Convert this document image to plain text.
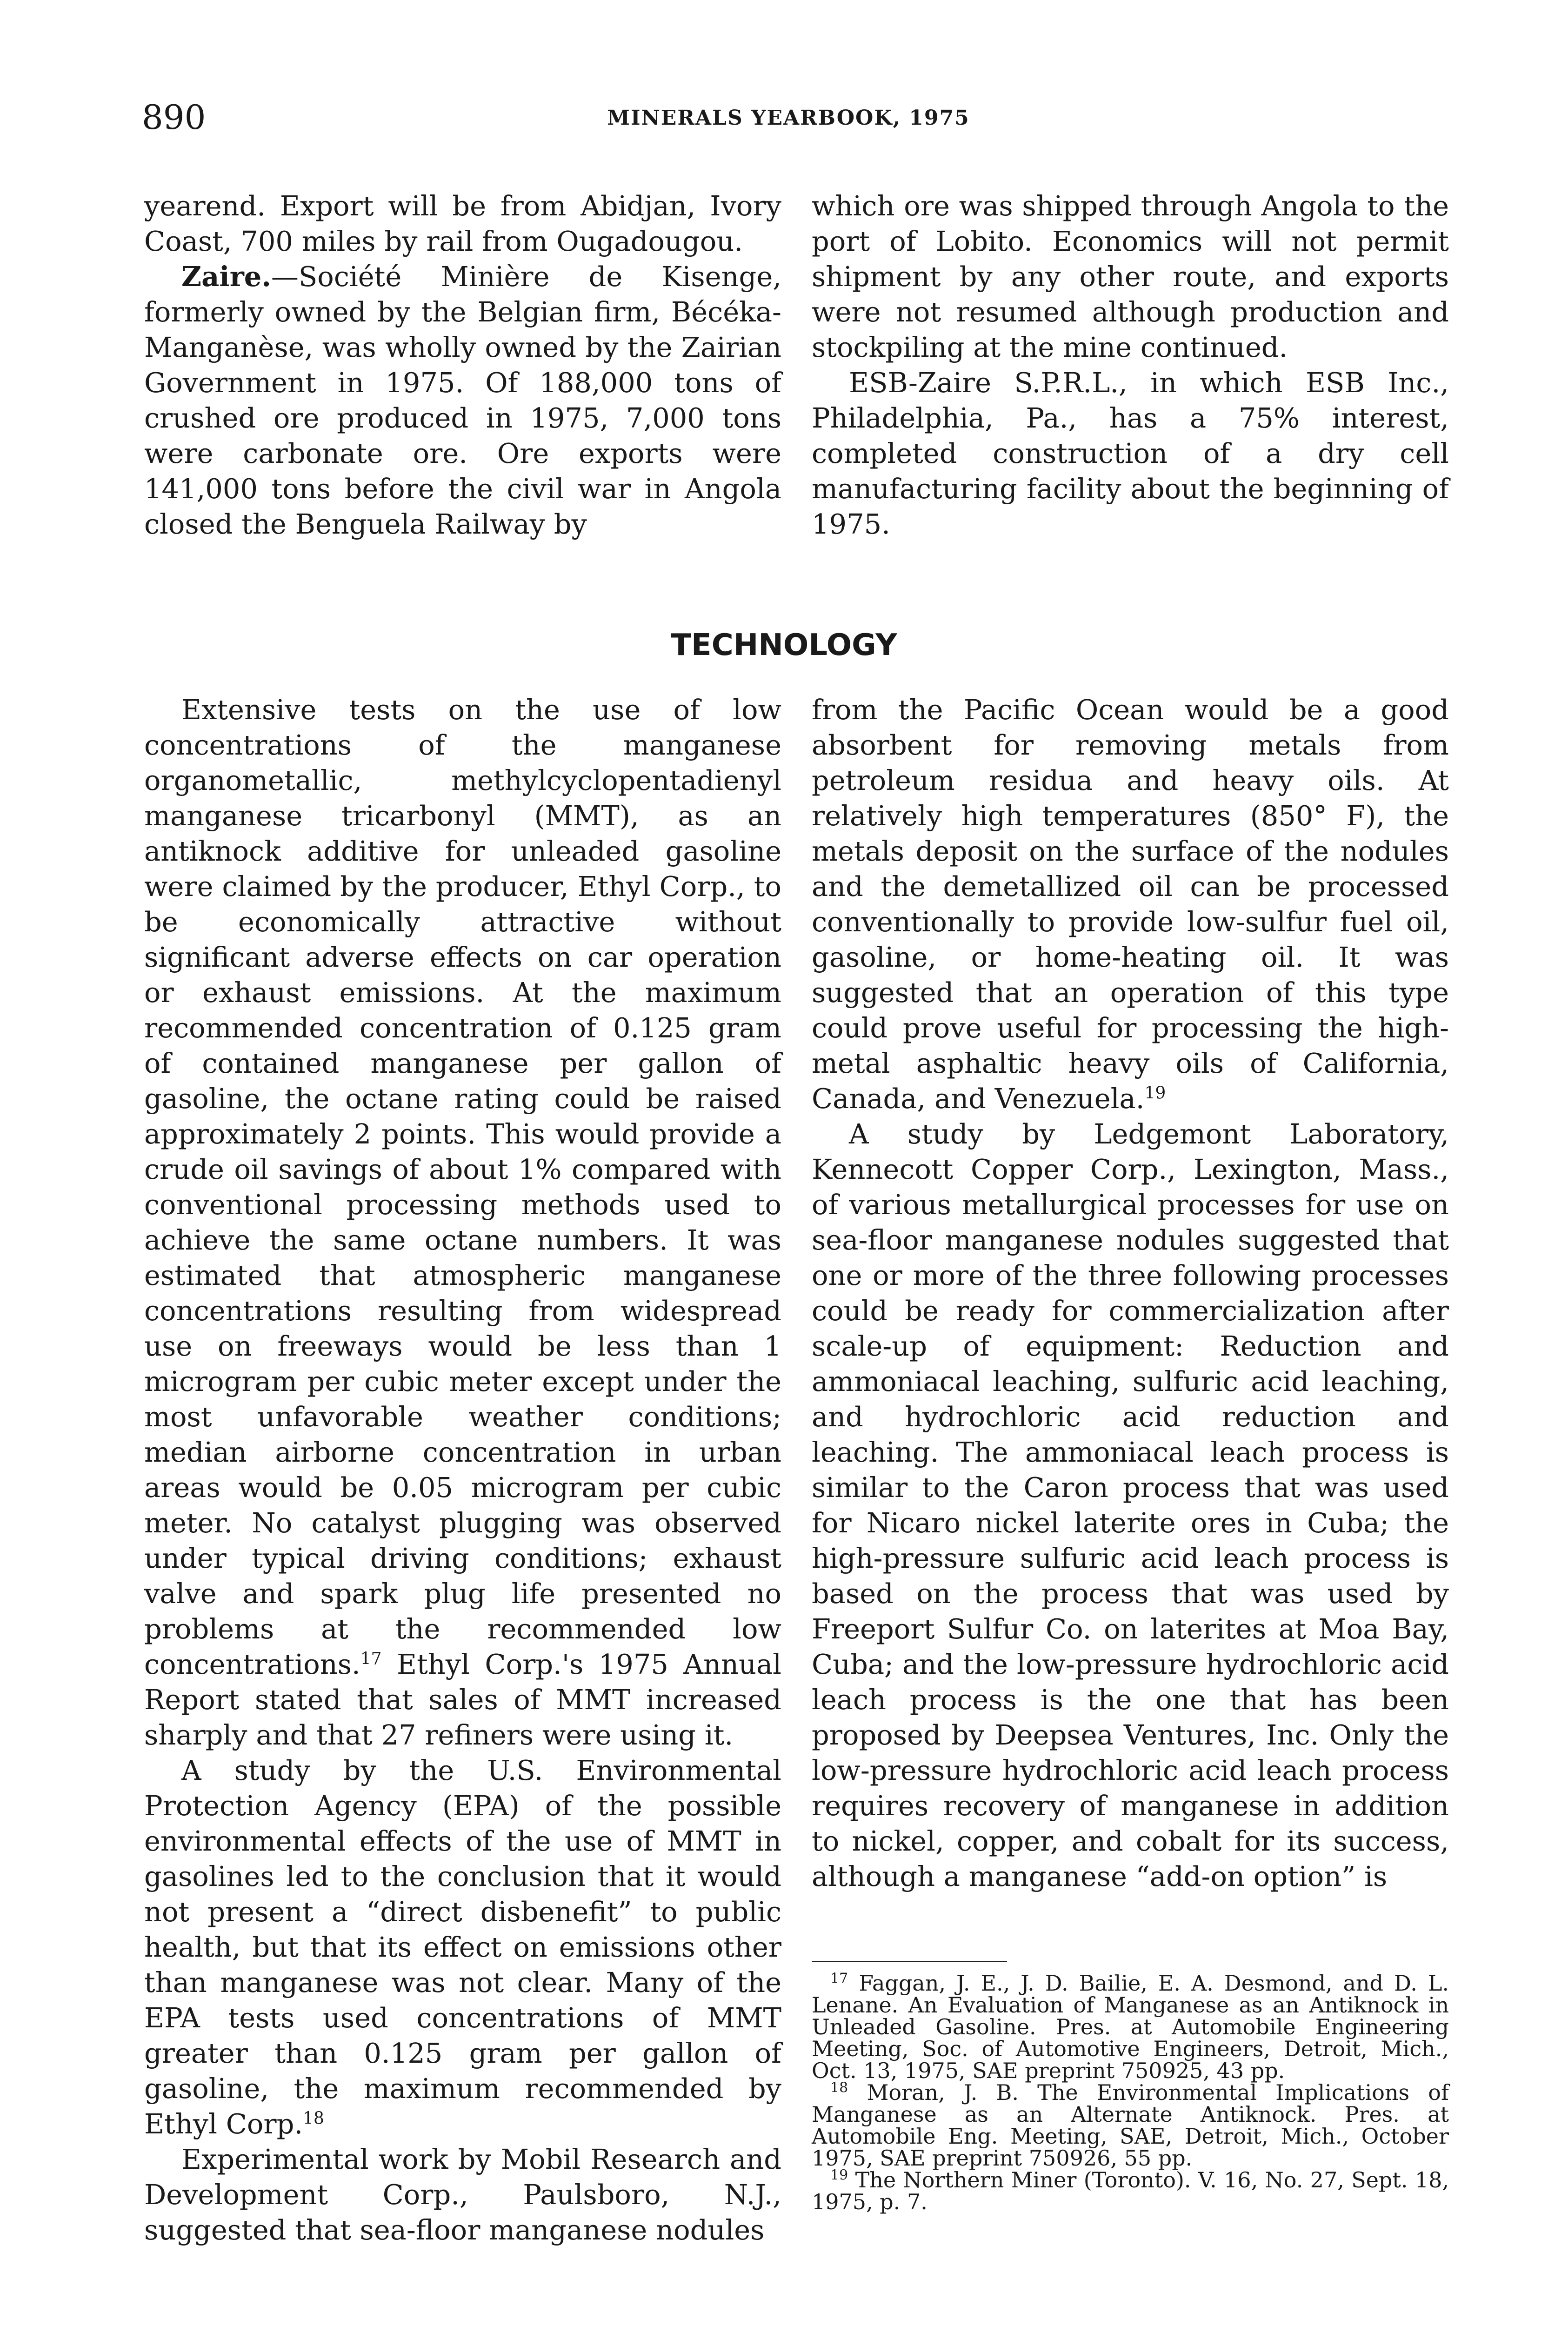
890	MINERALS YEARBOOK, 1975

yearend. Export will be from Abidjan, Ivory Coast, 700 miles by rail from Ougadougou.

Zaire.—Société Minière de Kisenge, formerly owned by the Belgian firm, Bécéka-Manganèse, was wholly owned by the Zairian Government in 1975. Of 188,000 tons of crushed ore produced in 1975, 7,000 tons were carbonate ore. Ore exports were 141,000 tons before the civil war in Angola closed the Benguela Railway by

which ore was shipped through Angola to the port of Lobito. Economics will not permit shipment by any other route, and exports were not resumed although production and stockpiling at the mine continued.

ESB-Zaire S.P.R.L., in which ESB Inc., Philadelphia, Pa., has a 75% interest, completed construction of a dry cell manufacturing facility about the beginning of 1975.

TECHNOLOGY

Extensive tests on the use of low concentrations of the manganese organometallic, methylcyclopentadienyl manganese tricarbonyl (MMT), as an antiknock additive for unleaded gasoline were claimed by the producer, Ethyl Corp., to be economically attractive without significant adverse effects on car operation or exhaust emissions. At the maximum recommended concentration of 0.125 gram of contained manganese per gallon of gasoline, the octane rating could be raised approximately 2 points. This would provide a crude oil savings of about 1% compared with conventional processing methods used to achieve the same octane numbers. It was estimated that atmospheric manganese concentrations resulting from widespread use on freeways would be less than 1 microgram per cubic meter except under the most unfavorable weather conditions; median airborne concentration in urban areas would be 0.05 microgram per cubic meter. No catalyst plugging was observed under typical driving conditions; exhaust valve and spark plug life presented no problems at the recommended low concentrations.$^{17}$ Ethyl Corp.'s 1975 Annual Report stated that sales of MMT increased sharply and that 27 refiners were using it.

A study by the U.S. Environmental Protection Agency (EPA) of the possible environmental effects of the use of MMT in gasolines led to the conclusion that it would not present a “direct disbenefit” to public health, but that its effect on emissions other than manganese was not clear. Many of the EPA tests used concentrations of MMT greater than 0.125 gram per gallon of gasoline, the maximum recommended by Ethyl Corp.$^{18}$

Experimental work by Mobil Research and Development Corp., Paulsboro, N.J., suggested that sea-floor manganese nodules

from the Pacific Ocean would be a good absorbent for removing metals from petroleum residua and heavy oils. At relatively high temperatures (850° F), the metals deposit on the surface of the nodules and the demetallized oil can be processed conventionally to provide low-sulfur fuel oil, gasoline, or home-heating oil. It was suggested that an operation of this type could prove useful for processing the high-metal asphaltic heavy oils of California, Canada, and Venezuela.$^{19}$

A study by Ledgemont Laboratory, Kennecott Copper Corp., Lexington, Mass., of various metallurgical processes for use on sea-floor manganese nodules suggested that one or more of the three following processes could be ready for commercialization after scale-up of equipment: Reduction and ammoniacal leaching, sulfuric acid leaching, and hydrochloric acid reduction and leaching. The ammoniacal leach process is similar to the Caron process that was used for Nicaro nickel laterite ores in Cuba; the high-pressure sulfuric acid leach process is based on the process that was used by Freeport Sulfur Co. on laterites at Moa Bay, Cuba; and the low-pressure hydrochloric acid leach process is the one that has been proposed by Deepsea Ventures, Inc. Only the low-pressure hydrochloric acid leach process requires recovery of manganese in addition to nickel, copper, and cobalt for its success, although a manganese “add-on option” is

$^{17}$ Faggan, J. E., J. D. Bailie, E. A. Desmond, and D. L. Lenane. An Evaluation of Manganese as an Antiknock in Unleaded Gasoline. Pres. at Automobile Engineering Meeting, Soc. of Automotive Engineers, Detroit, Mich., Oct. 13, 1975, SAE preprint 750925, 43 pp.

$^{18}$ Moran, J. B. The Environmental Implications of Manganese as an Alternate Antiknock. Pres. at Automobile Eng. Meeting, SAE, Detroit, Mich., October 1975, SAE preprint 750926, 55 pp.

$^{19}$ The Northern Miner (Toronto). V. 16, No. 27, Sept. 18, 1975, p. 7.
